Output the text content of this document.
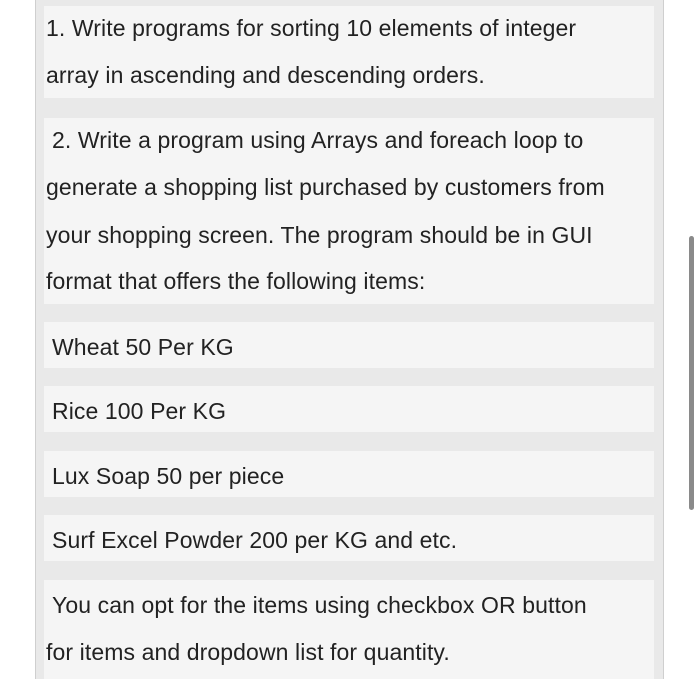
1. Write programs for sorting 10 elements of integer
array in ascending and descending orders.
2. Write a program using Arrays and foreach loop to
generate a shopping list purchased by customers from
your shopping screen. The program should be in GUI
format that offers the following items:
Wheat 50 Per KG
Rice 100 Per KG
Lux Soap 50 per piece
Surf Excel Powder 200 per KG and etc.
You can opt for the items using checkbox OR button
for items and dropdown list for quantity.
